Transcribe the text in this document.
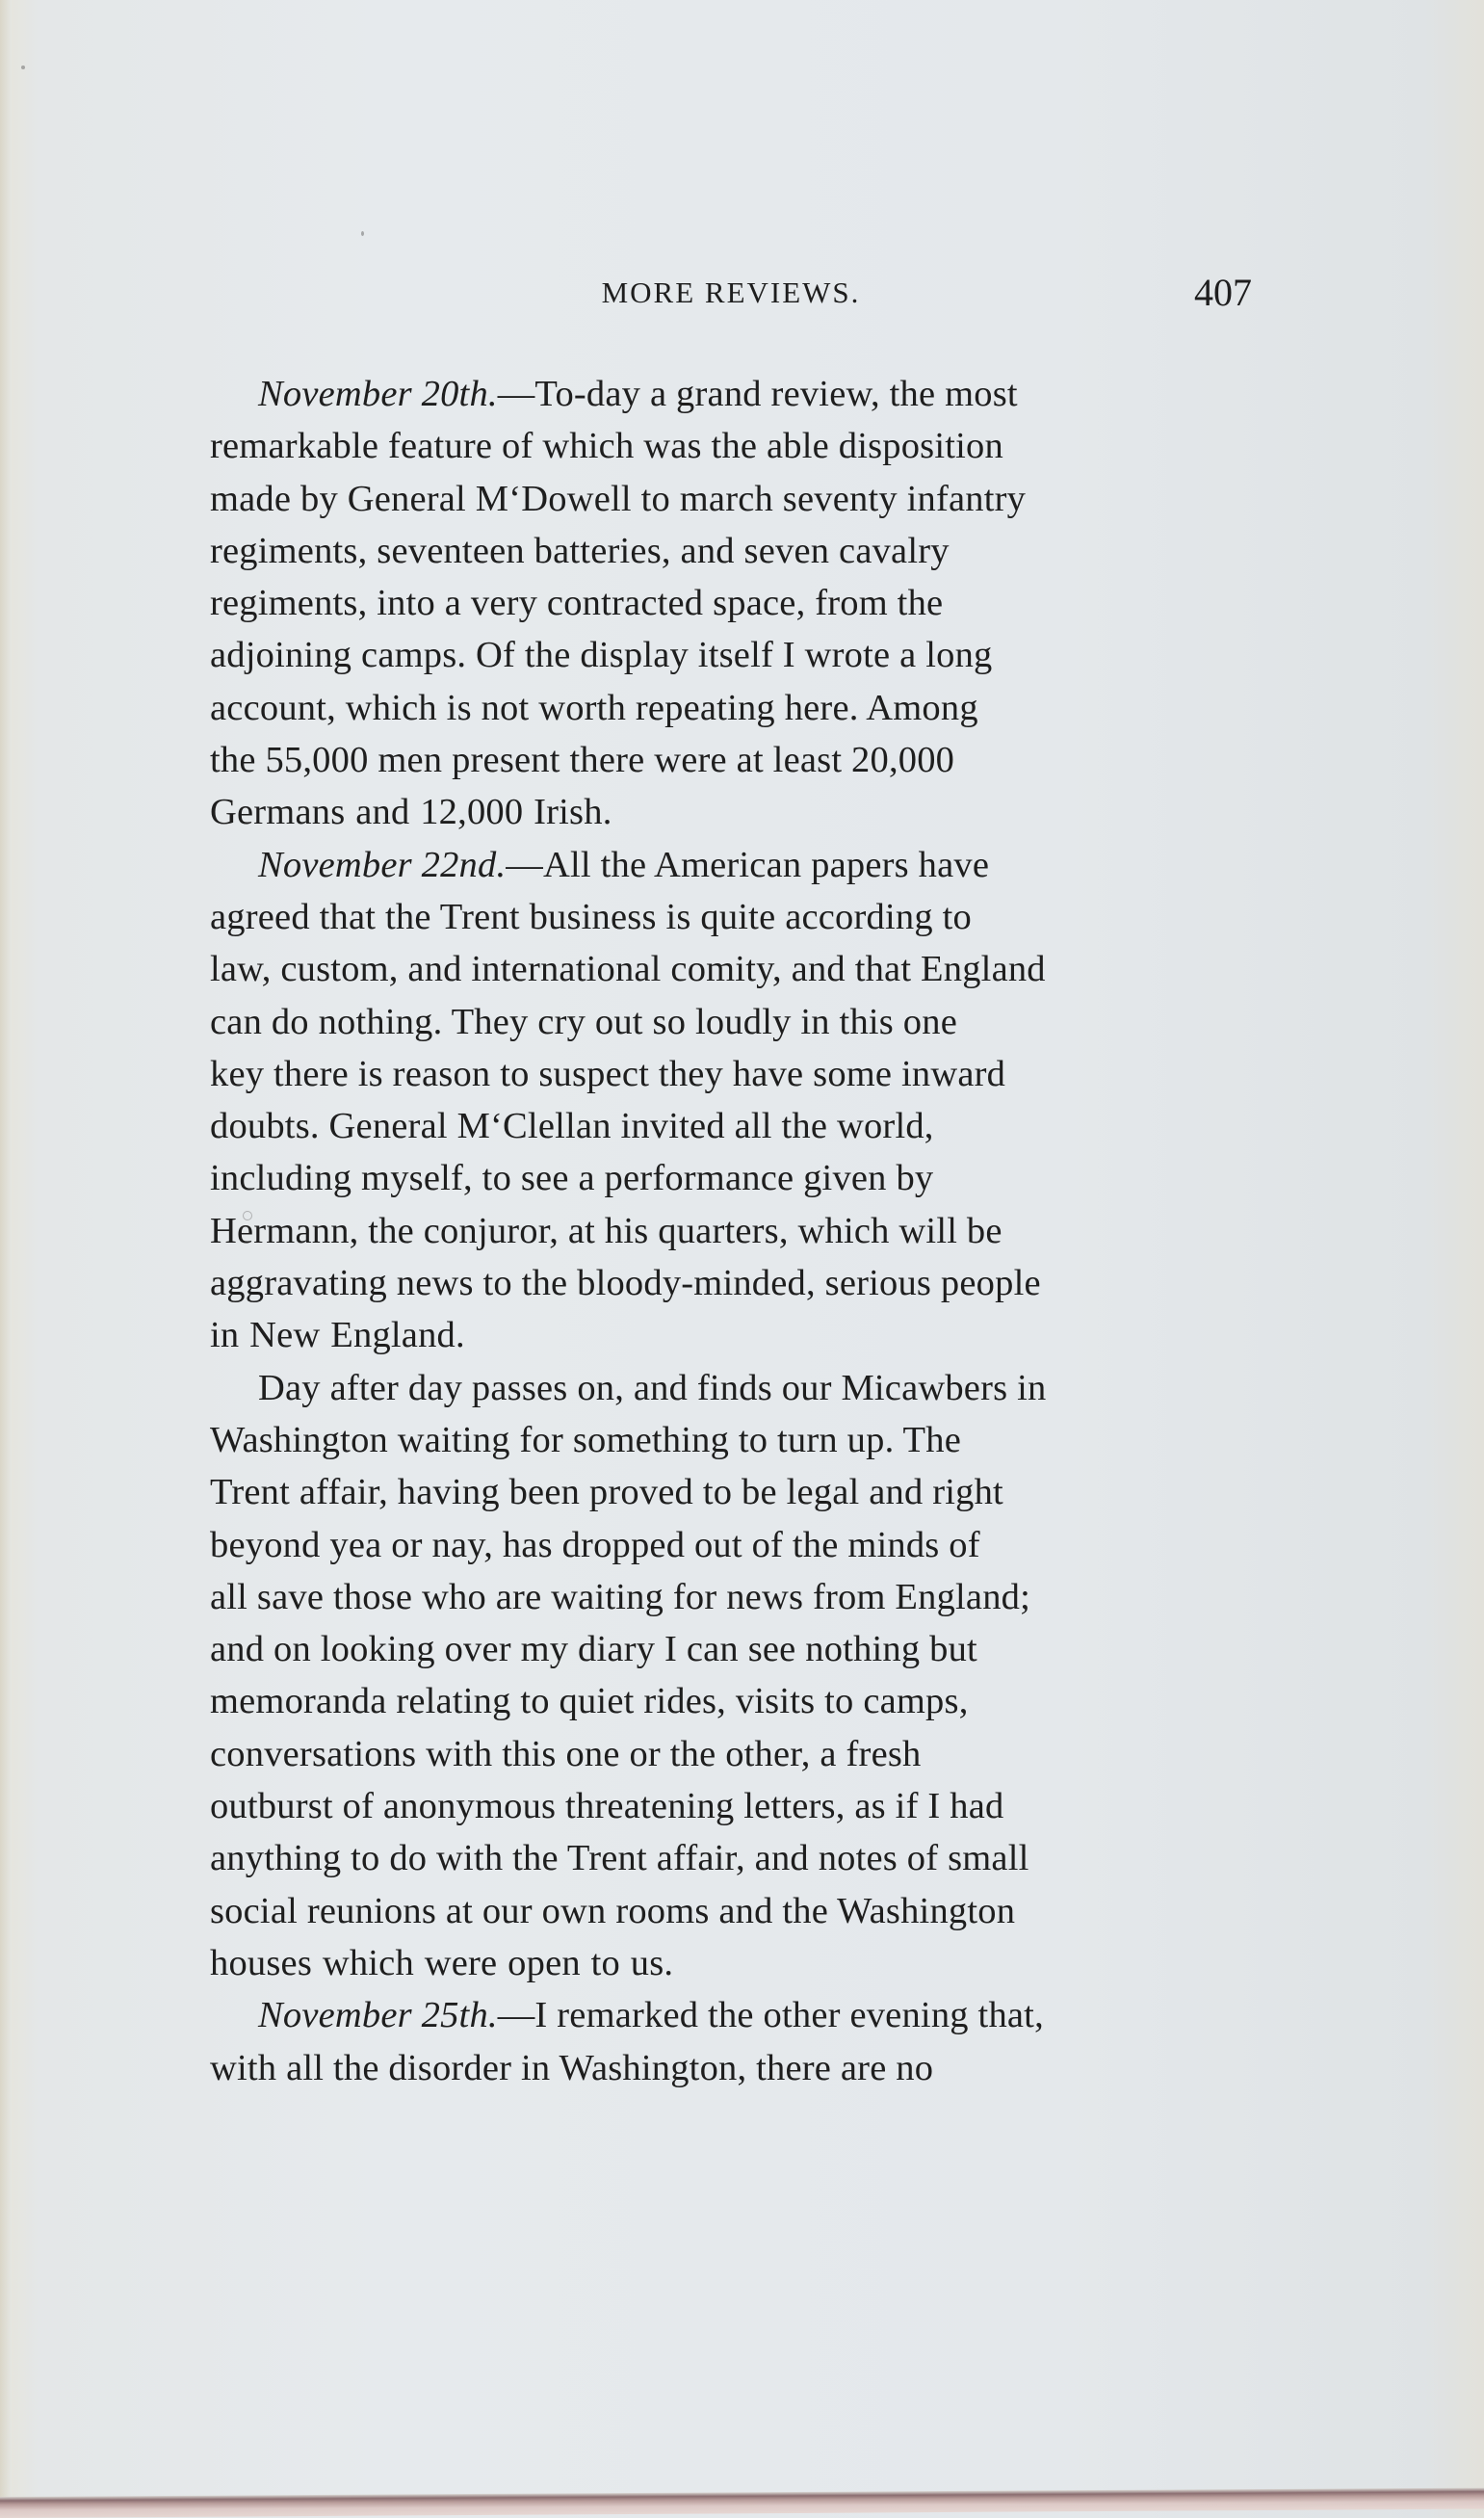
MORE REVIEWS.	407
November 20th.—To-day a grand review, the most
remarkable feature of which was the able disposition
made by General M‘Dowell to march seventy infantry
regiments, seventeen batteries, and seven cavalry
regiments, into a very contracted space, from the
adjoining camps. Of the display itself I wrote a long
account, which is not worth repeating here. Among
the 55,000 men present there were at least 20,000
Germans and 12,000 Irish.
November 22nd.—All the American papers have
agreed that the Trent business is quite according to
law, custom, and international comity, and that England
can do nothing. They cry out so loudly in this one
key there is reason to suspect they have some inward
doubts. General M‘Clellan invited all the world,
including myself, to see a performance given by
Hermann, the conjuror, at his quarters, which will be
aggravating news to the bloody-minded, serious people
in New England.
Day after day passes on, and finds our Micawbers in
Washington waiting for something to turn up. The
Trent affair, having been proved to be legal and right
beyond yea or nay, has dropped out of the minds of
all save those who are waiting for news from England;
and on looking over my diary I can see nothing but
memoranda relating to quiet rides, visits to camps,
conversations with this one or the other, a fresh
outburst of anonymous threatening letters, as if I had
anything to do with the Trent affair, and notes of small
social reunions at our own rooms and the Washington
houses which were open to us.
November 25th.—I remarked the other evening that,
with all the disorder in Washington, there are no
